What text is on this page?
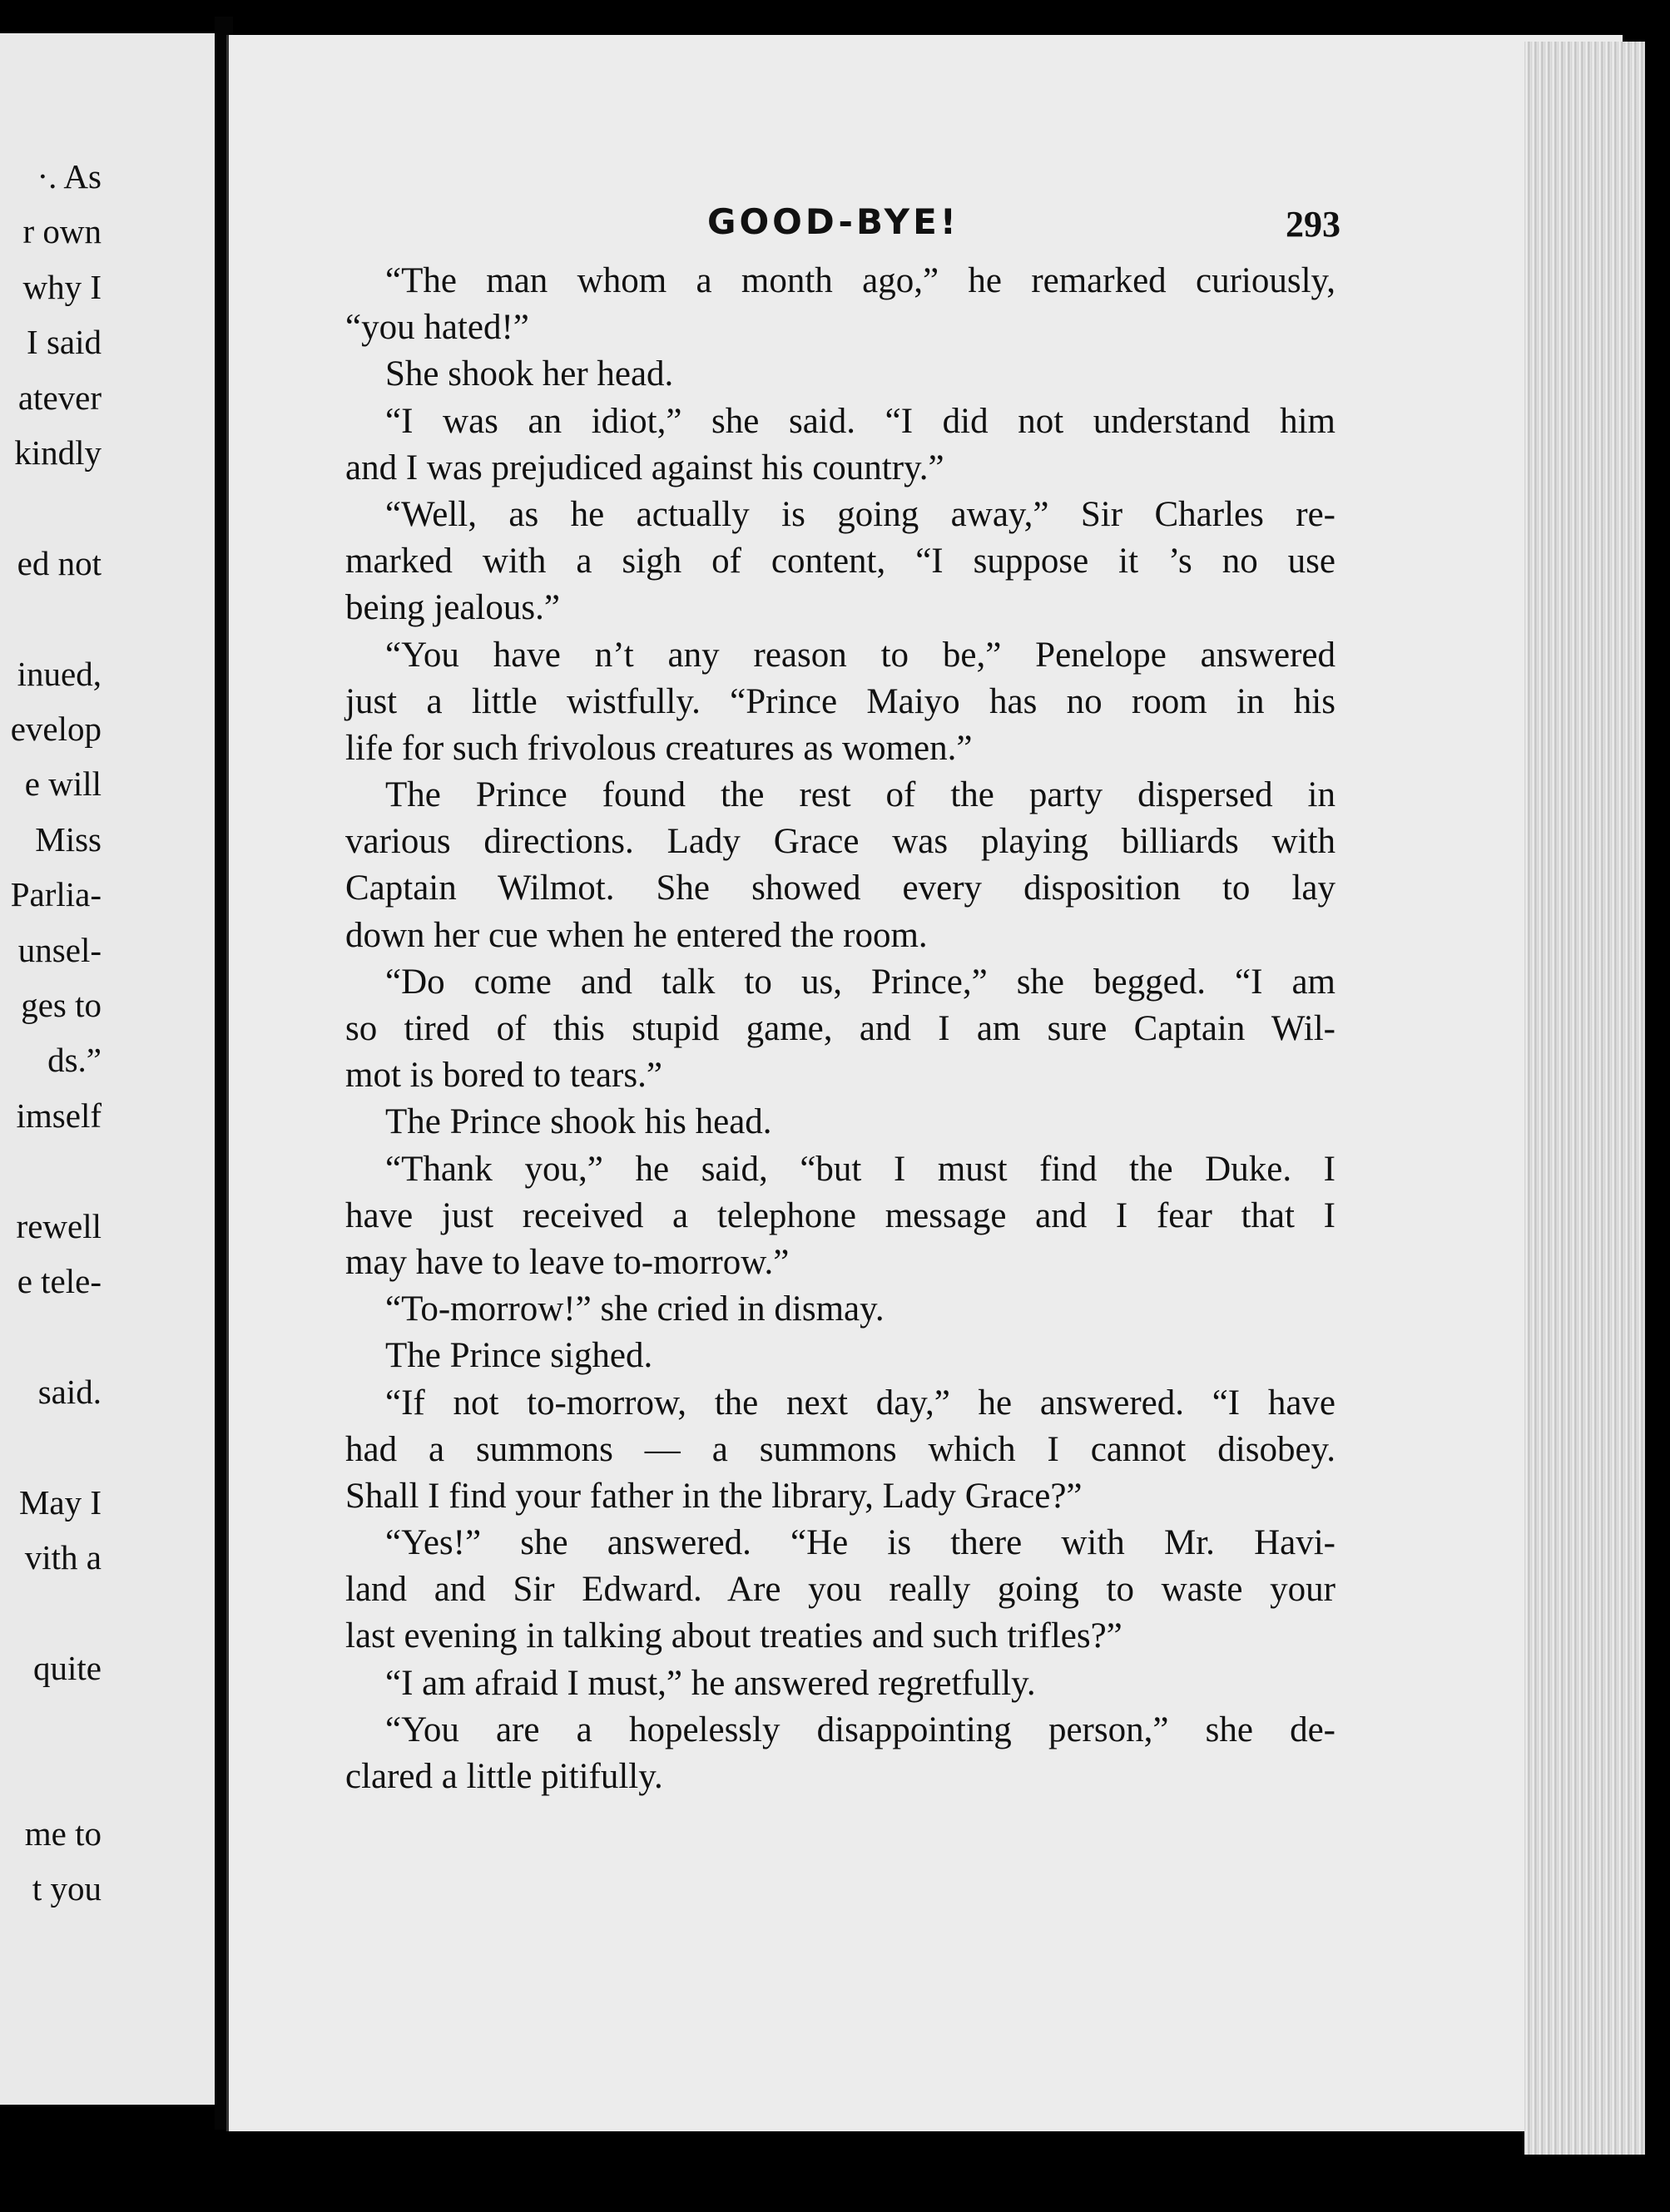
·. As
r own
why I
I said
atever
kindly
ed not
inued,
evelop
e will
Miss
Parlia-
unsel-
ges to
ds.”
imself
rewell
e tele-
said.
May I
vith a
quite
me to
t you
GOOD-BYE!	293
“The man whom a month ago,” he remarked curiously,
“you hated!”
She shook her head.
“I was an idiot,” she said. “I did not understand him
and I was prejudiced against his country.”
“Well, as he actually is going away,” Sir Charles re-
marked with a sigh of content, “I suppose it ’s no use
being jealous.”
“You have n’t any reason to be,” Penelope answered
just a little wistfully. “Prince Maiyo has no room in his
life for such frivolous creatures as women.”
The Prince found the rest of the party dispersed in
various directions. Lady Grace was playing billiards with
Captain Wilmot. She showed every disposition to lay
down her cue when he entered the room.
“Do come and talk to us, Prince,” she begged. “I am
so tired of this stupid game, and I am sure Captain Wil-
mot is bored to tears.”
The Prince shook his head.
“Thank you,” he said, “but I must find the Duke. I
have just received a telephone message and I fear that I
may have to leave to-morrow.”
“To-morrow!” she cried in dismay.
The Prince sighed.
“If not to-morrow, the next day,” he answered. “I have
had a summons — a summons which I cannot disobey.
Shall I find your father in the library, Lady Grace?”
“Yes!” she answered. “He is there with Mr. Havi-
land and Sir Edward. Are you really going to waste your
last evening in talking about treaties and such trifles?”
“I am afraid I must,” he answered regretfully.
“You are a hopelessly disappointing person,” she de-
clared a little pitifully.
